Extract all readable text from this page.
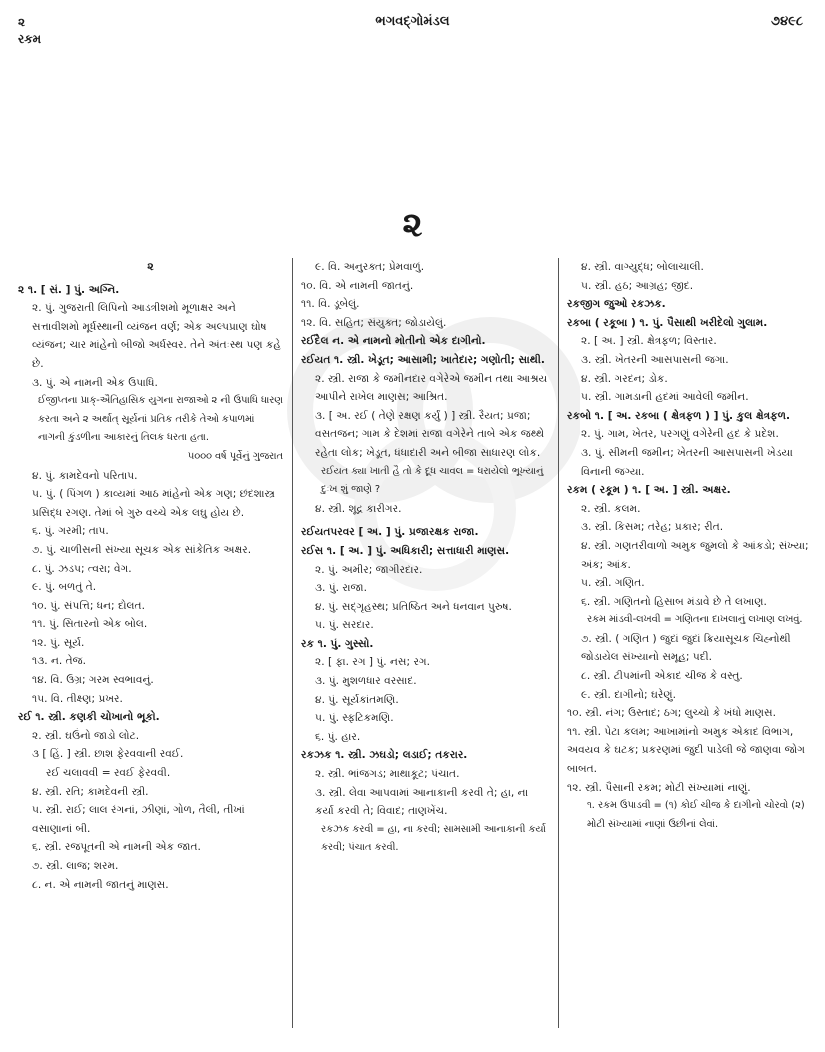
૨
રકમ
ભગવદ્ગોમંડલ	૭૪૯૮
૨
૨
૨ ૧. [ સં. ] પું. અગ્નિ.
૨. પું. ગુજરાતી લિપિનો આડત્રીશમો મૂળાક્ષર અને સત્તાવીશમો મૂર્ધસ્થાની વ્યંજન વર્ણ; એક અલ્પપ્રાણ ઘોષ વ્યંજન; ચાર માંહેનો બીજો અર્ધસ્વર. તેને અંતઃસ્થ પણ કહે છે.
૩. પું. એ નામની એક ઉપાધિ.
ઈજીપ્તના પ્રાક્-ઐતિહાસિક યુગના રાજાઓ ૨ ની ઉપાધિ ધારણ કરતા અને ૨ અર્થાત્ સૂર્યનાં પ્રતિક તરીકે તેઓ કપાળમાં નાગની કુંડળીના આકારનું તિલક ધરતા હતા.
૫૦૦૦ વર્ષ પૂર્વેનું ગુજરાત
૪. પું. કામદેવનો પરિતાપ.
૫. પું. ( પિંગળ ) કાવ્યમાં આઠ માંહેનો એક ગણ; છંદશાસ્ત્ર પ્રસિદ્ધ રગણ. તેમાં બે ગુરુ વચ્ચે એક લઘુ હોય છે.
૬. પું. ગરમી; તાપ.
૭. પું. ચાળીસની સંખ્યા સૂચક એક સાંકેતિક અક્ષર.
૮. પું. ઝડપ; ત્વરા; વેગ.
૯. પું. બળતું તે.
૧૦. પું. સંપત્તિ; ધન; દોલત.
૧૧. પું. સિતારનો એક બોલ.
૧૨. પું. સૂર્ય.
૧૩. ન. તેજ.
૧૪. વિ. ઉગ્ર; ગરમ સ્વભાવનું.
૧૫. વિ. તીક્ષ્ણ; પ્રખર.
રઈ ૧. સ્ત્રી. કણકી ચોખાનો ભૂકો.
૨. સ્ત્રી. ઘઉંનો જાડો લોટ.
૩ [ હિં. ] સ્ત્રી. છાશ ફેરવવાની રવઈ.
રઈ ચલાવવી = રવઈ ફેરવવી.
૪. સ્ત્રી. રતિ; કામદેવની સ્ત્રી.
૫. સ્ત્રી. રાઈ; લાલ રંગનાં, ઝીણાં, ગોળ, તૈલી, તીખાં વસાણાનાં બી.
૬. સ્ત્રી. રજપૂતની એ નામની એક જાત.
૭. સ્ત્રી. લાજ; શરમ.
૮. ન. એ નામની જાતનું માણસ.
૯. વિ. અનુરક્ત; પ્રેમવાળું.
૧૦. વિ. એ નામની જાતનું.
૧૧. વિ. ડૂબેલું.
૧૨. વિ. સહિત; સંયુક્ત; જોડાયેલું.
રઈદૈલ ન. એ નામનો મોતીનો એક દાગીનો.
રઈયત ૧. સ્ત્રી. ખેડૂત; આસામી; ખાતેદાર; ગણોતી; સાથી.
૨. સ્ત્રી. રાજા કે જમીનદાર વગેરેએ જમીન તથા આશ્રય આપીને રાખેલ માણસ; આશ્રિત.
૩. [ અ. રઈ ( તેણે રક્ષણ કર્યું ) ] સ્ત્રી. રૈયત; પ્રજા; વસતજન; ગામ કે દેશમાં રાજા વગેરેને તાબે એક જથ્થે રહેતા લોક; ખેડૂત, ધંધાદારી અને બીજા સાધારણ લોક.
રઈયત ક્યા ખાતી હૈ તો કે દૂધ ચાવલ = ધરાયેલો ભૂખ્યાનું દુઃખ શું જાણે ?
૪. સ્ત્રી. શૂદ્ર કારીગર.
રઈયતપરવર [ અ. ] પું. પ્રજારક્ષક રાજા.
રઈસ ૧. [ અ. ] પું. અધિકારી; સત્તાધારી માણસ.
૨. પું. અમીર; જાગીરદાર.
૩. પું. રાજા.
૪. પું. સદ્ગૃહસ્થ; પ્રતિષ્ઠિત અને ધનવાન પુરુષ.
૫. પું. સરદાર.
રક ૧. પું. ગુસ્સો.
૨. [ ફા. રગ ] પું. નસ; રગ.
૩. પું. મુશળધાર વરસાદ.
૪. પું. સૂર્યકાંતમણિ.
૫. પું. સ્ફટિકમણિ.
૬. પું. હાર.
રકઝક ૧. સ્ત્રી. ઝઘડો; લડાઈ; તકરાર.
૨. સ્ત્રી. ભાંજગડ; માથાકૂટ; પંચાત.
૩. સ્ત્રી. લેવા આપવામાં આનાકાની કરવી તે; હા, ના કર્યા કરવી તે; વિવાદ; તાણખેંચ.
રકઝક કરવી = હા, ના કરવી; સામસામી આનાકાની કર્યા કરવી; પંચાત કરવી.
૪. સ્ત્રી. વાગ્યુદ્ધ; બોલાચાલી.
૫. સ્ત્રી. હઠ; આગ્રહ; જીદ.
રકજીગ જુઓ રકઝક.
રકબા ( રકૂબા ) ૧. પું. પૈસાથી ખરીદેલો ગુલામ.
૨. [ અ. ] સ્ત્રી. ક્ષેત્રફળ; વિસ્તાર.
૩. સ્ત્રી. ખેતરની આસપાસની જગા.
૪. સ્ત્રી. ગરદન; ડોક.
૫. સ્ત્રી. ગામડાની હદમાં આવેલી જમીન.
રકબો ૧. [ અ. રકબા ( ક્ષેત્રફળ ) ] પું. કુલ ક્ષેત્રફળ.
૨. પું. ગામ, ખેતર, પરગણું વગેરેની હદ કે પ્રદેશ.
૩. પું. સીમની જમીન; ખેતરની આસપાસની ખેડયા વિનાની જગ્યા.
રકમ ( રકૂમ ) ૧. [ અ. ] સ્ત્રી. અક્ષર.
૨. સ્ત્રી. કલમ.
૩. સ્ત્રી. કિસમ; તરેહ; પ્રકાર; રીત.
૪. સ્ત્રી. ગણતરીવાળો અમુક જુમલો કે આંકડો; સંખ્યા; અંક; આંક.
૫. સ્ત્રી. ગણિત.
૬. સ્ત્રી. ગણિતનો હિસાબ મંડાવે છે તે લખાણ.
રકમ માંડવી-લખવી = ગણિતના દાખલાનું લખાણ લખવું.
૭. સ્ત્રી. ( ગણિત ) જુદાં જુદાં ક્રિયાસૂચક ચિહ્નોથી જોડાયેલ સંખ્યાનો સમૂહ; પદી.
૮. સ્ત્રી. ટીપમાંની એકાદ ચીજ કે વસ્તુ.
૯. સ્ત્રી. દાગીનો; ઘરેણું.
૧૦. સ્ત્રી. નંગ; ઉસ્તાદ; ઠગ; લુચ્ચો કે ખંધો માણસ.
૧૧. સ્ત્રી. પેટા કલમ; આખામાંનો અમુક એકાદ વિભાગ, અવયવ કે ઘટક; પ્રકરણમાં જુદી પાડેલી જે જાણવા જોગ બાબત.
૧૨. સ્ત્રી. પૈસાની રકમ; મોટી સંખ્યામાં નાણું.
૧. રકમ ઉપાડવી = (૧) કોઈ ચીજ કે દાગીનો ચોરવો (૨) મોટી સંખ્યામાં નાણાં ઉછીનાં લેવાં.
